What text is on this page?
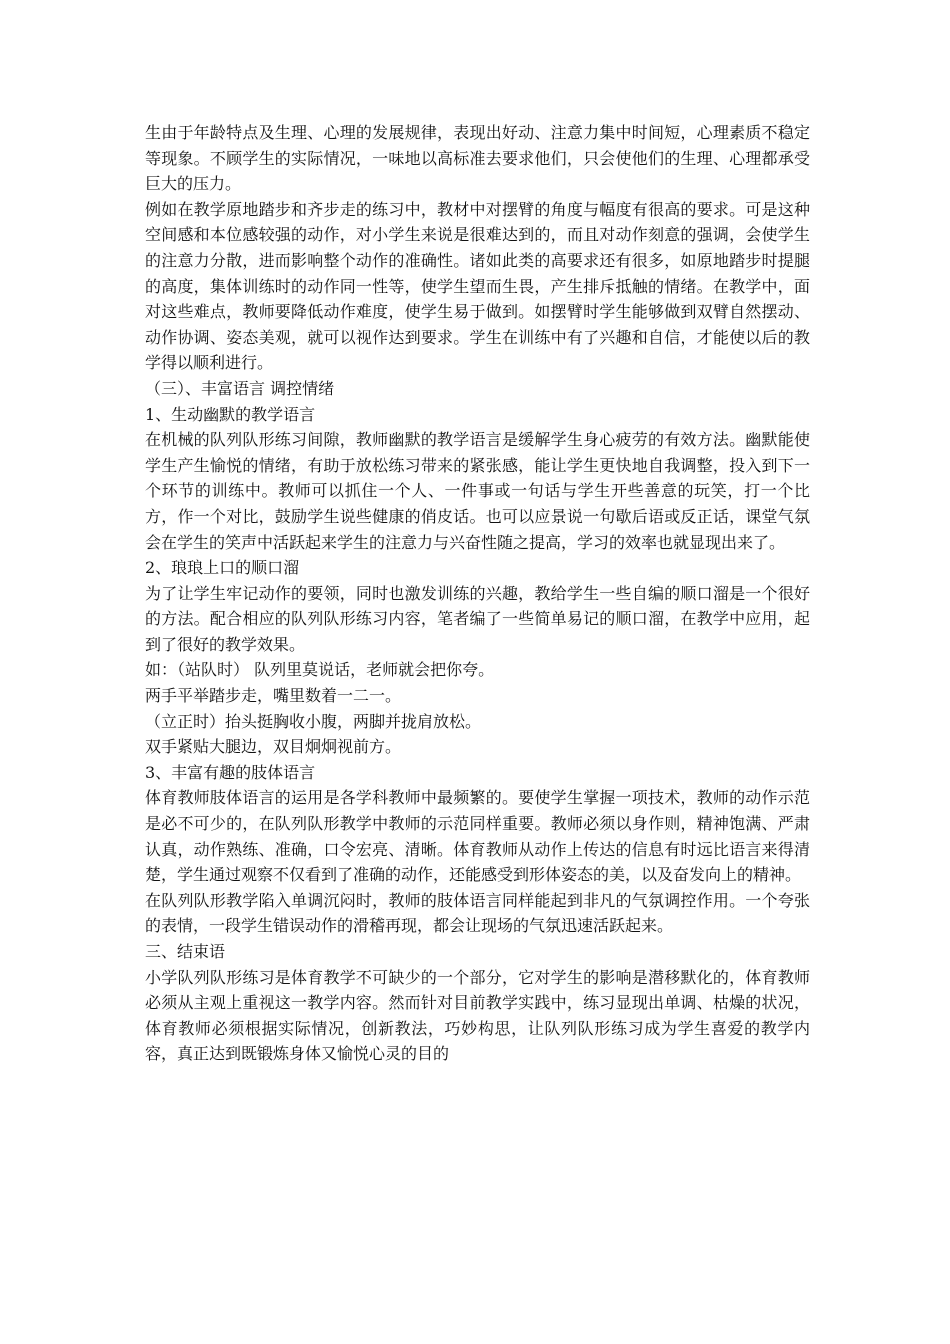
生由于年龄特点及生理、心理的发展规律，表现出好动、注意力集中时间短，心理素质不稳定等现象。不顾学生的实际情况，一味地以高标准去要求他们，只会使他们的生理、心理都承受巨大的压力。

例如在教学原地踏步和齐步走的练习中，教材中对摆臂的角度与幅度有很高的要求。可是这种空间感和本位感较强的动作，对小学生来说是很难达到的，而且对动作刻意的强调，会使学生的注意力分散，进而影响整个动作的准确性。诸如此类的高要求还有很多，如原地踏步时提腿的高度，集体训练时的动作同一性等，使学生望而生畏，产生排斥抵触的情绪。在教学中，面对这些难点，教师要降低动作难度，使学生易于做到。如摆臂时学生能够做到双臂自然摆动、动作协调、姿态美观，就可以视作达到要求。学生在训练中有了兴趣和自信，才能使以后的教学得以顺利进行。

（三）、丰富语言 调控情绪

1、生动幽默的教学语言

在机械的队列队形练习间隙，教师幽默的教学语言是缓解学生身心疲劳的有效方法。幽默能使学生产生愉悦的情绪，有助于放松练习带来的紧张感，能让学生更快地自我调整，投入到下一个环节的训练中。教师可以抓住一个人、一件事或一句话与学生开些善意的玩笑，打一个比方，作一个对比，鼓励学生说些健康的俏皮话。也可以应景说一句歇后语或反正话，课堂气氛会在学生的笑声中活跃起来学生的注意力与兴奋性随之提高，学习的效率也就显现出来了。

2、琅琅上口的顺口溜

为了让学生牢记动作的要领，同时也激发训练的兴趣，教给学生一些自编的顺口溜是一个很好的方法。配合相应的队列队形练习内容，笔者编了一些简单易记的顺口溜，在教学中应用，起到了很好的教学效果。

如：（站队时） 队列里莫说话，老师就会把你夸。

两手平举踏步走，嘴里数着一二一。

（立正时）抬头挺胸收小腹，两脚并拢肩放松。

双手紧贴大腿边，双目炯炯视前方。

3、丰富有趣的肢体语言

体育教师肢体语言的运用是各学科教师中最频繁的。要使学生掌握一项技术，教师的动作示范是必不可少的，在队列队形教学中教师的示范同样重要。教师必须以身作则，精神饱满、严肃认真，动作熟练、准确，口令宏亮、清晰。体育教师从动作上传达的信息有时远比语言来得清楚，学生通过观察不仅看到了准确的动作，还能感受到形体姿态的美，以及奋发向上的精神。

在队列队形教学陷入单调沉闷时，教师的肢体语言同样能起到非凡的气氛调控作用。一个夸张的表情，一段学生错误动作的滑稽再现，都会让现场的气氛迅速活跃起来。

三、结束语

小学队列队形练习是体育教学不可缺少的一个部分，它对学生的影响是潜移默化的，体育教师必须从主观上重视这一教学内容。然而针对目前教学实践中，练习显现出单调、枯燥的状况，体育教师必须根据实际情况，创新教法，巧妙构思，让队列队形练习成为学生喜爱的教学内容，真正达到既锻炼身体又愉悦心灵的目的
